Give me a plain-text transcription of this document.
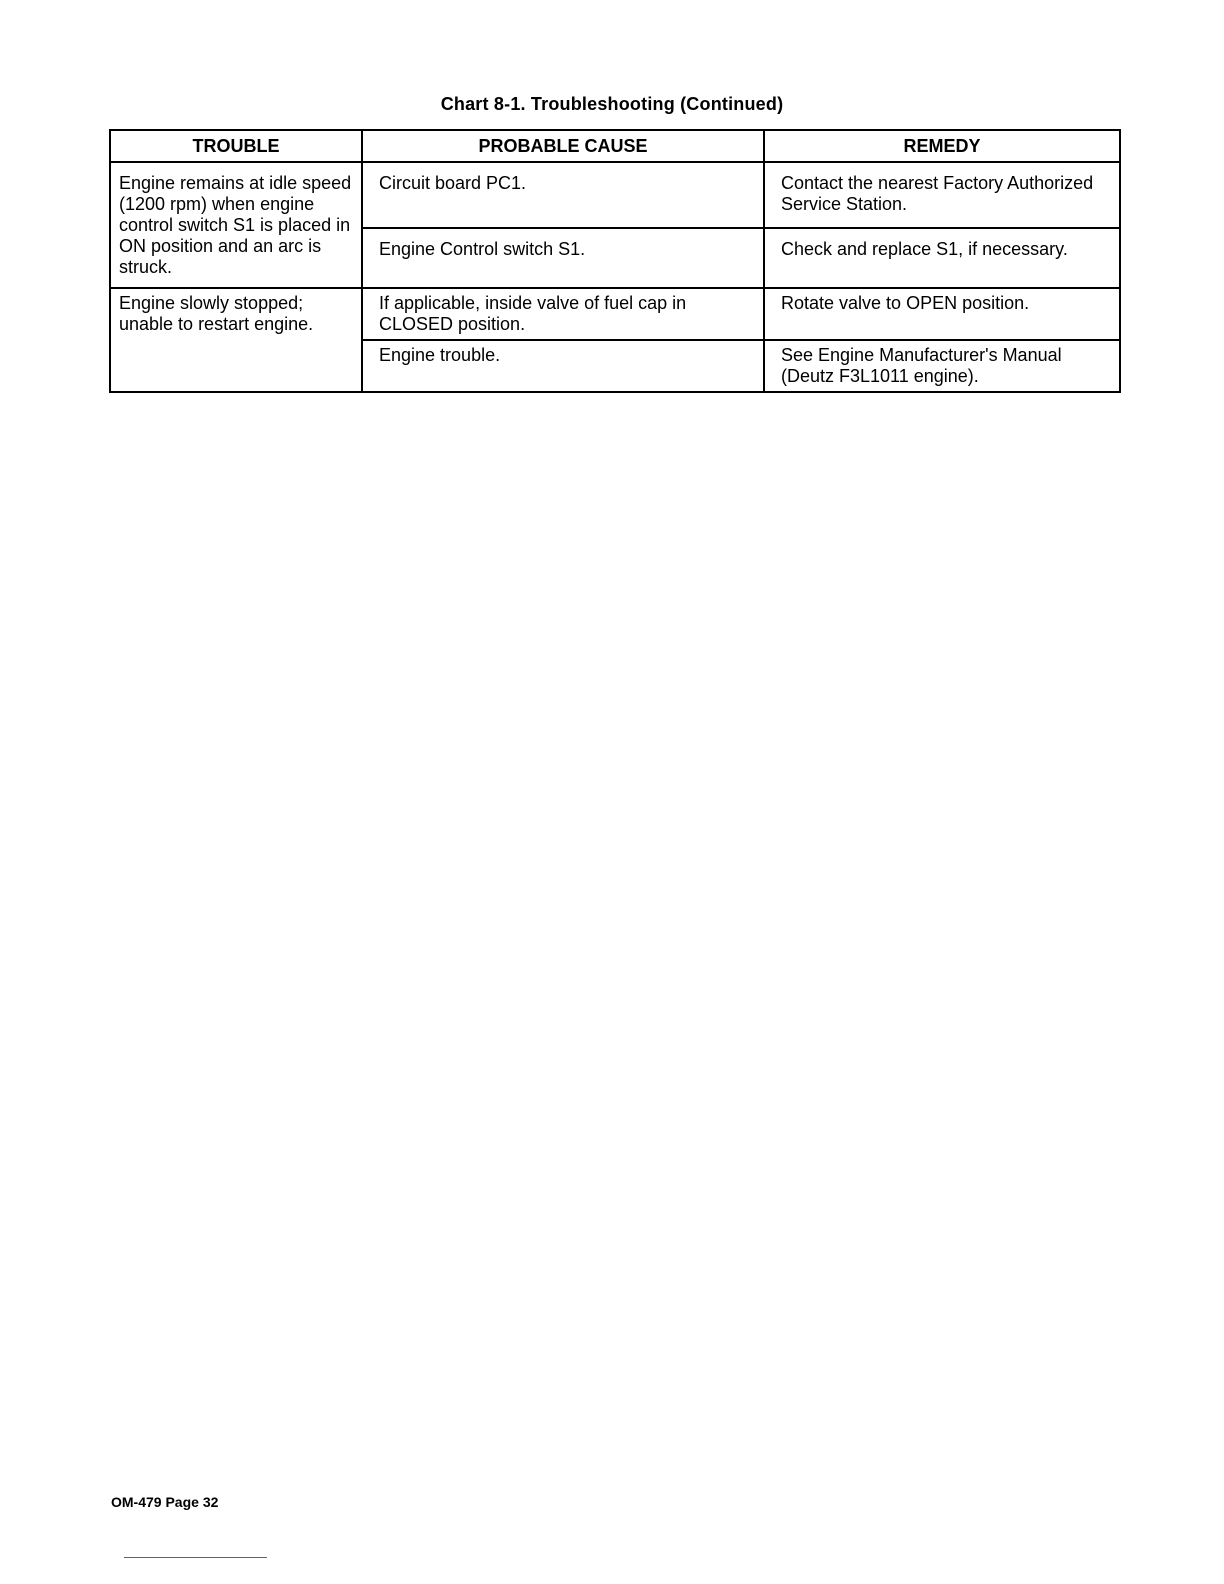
Chart 8-1. Troubleshooting (Continued)
TROUBLE	PROBABLE CAUSE	REMEDY
Engine remains at idle speed (1200 rpm) when engine control switch S1 is placed in ON position and an arc is struck.	Circuit board PC1.	Contact the nearest Factory Authorized Service Station.
	Engine Control switch S1.	Check and replace S1, if necessary.
Engine slowly stopped; unable to restart engine.	If applicable, inside valve of fuel cap in CLOSED position.	Rotate valve to OPEN position.
	Engine trouble.	See Engine Manufacturer's Manual (Deutz F3L1011 engine).
OM-479 Page 32
